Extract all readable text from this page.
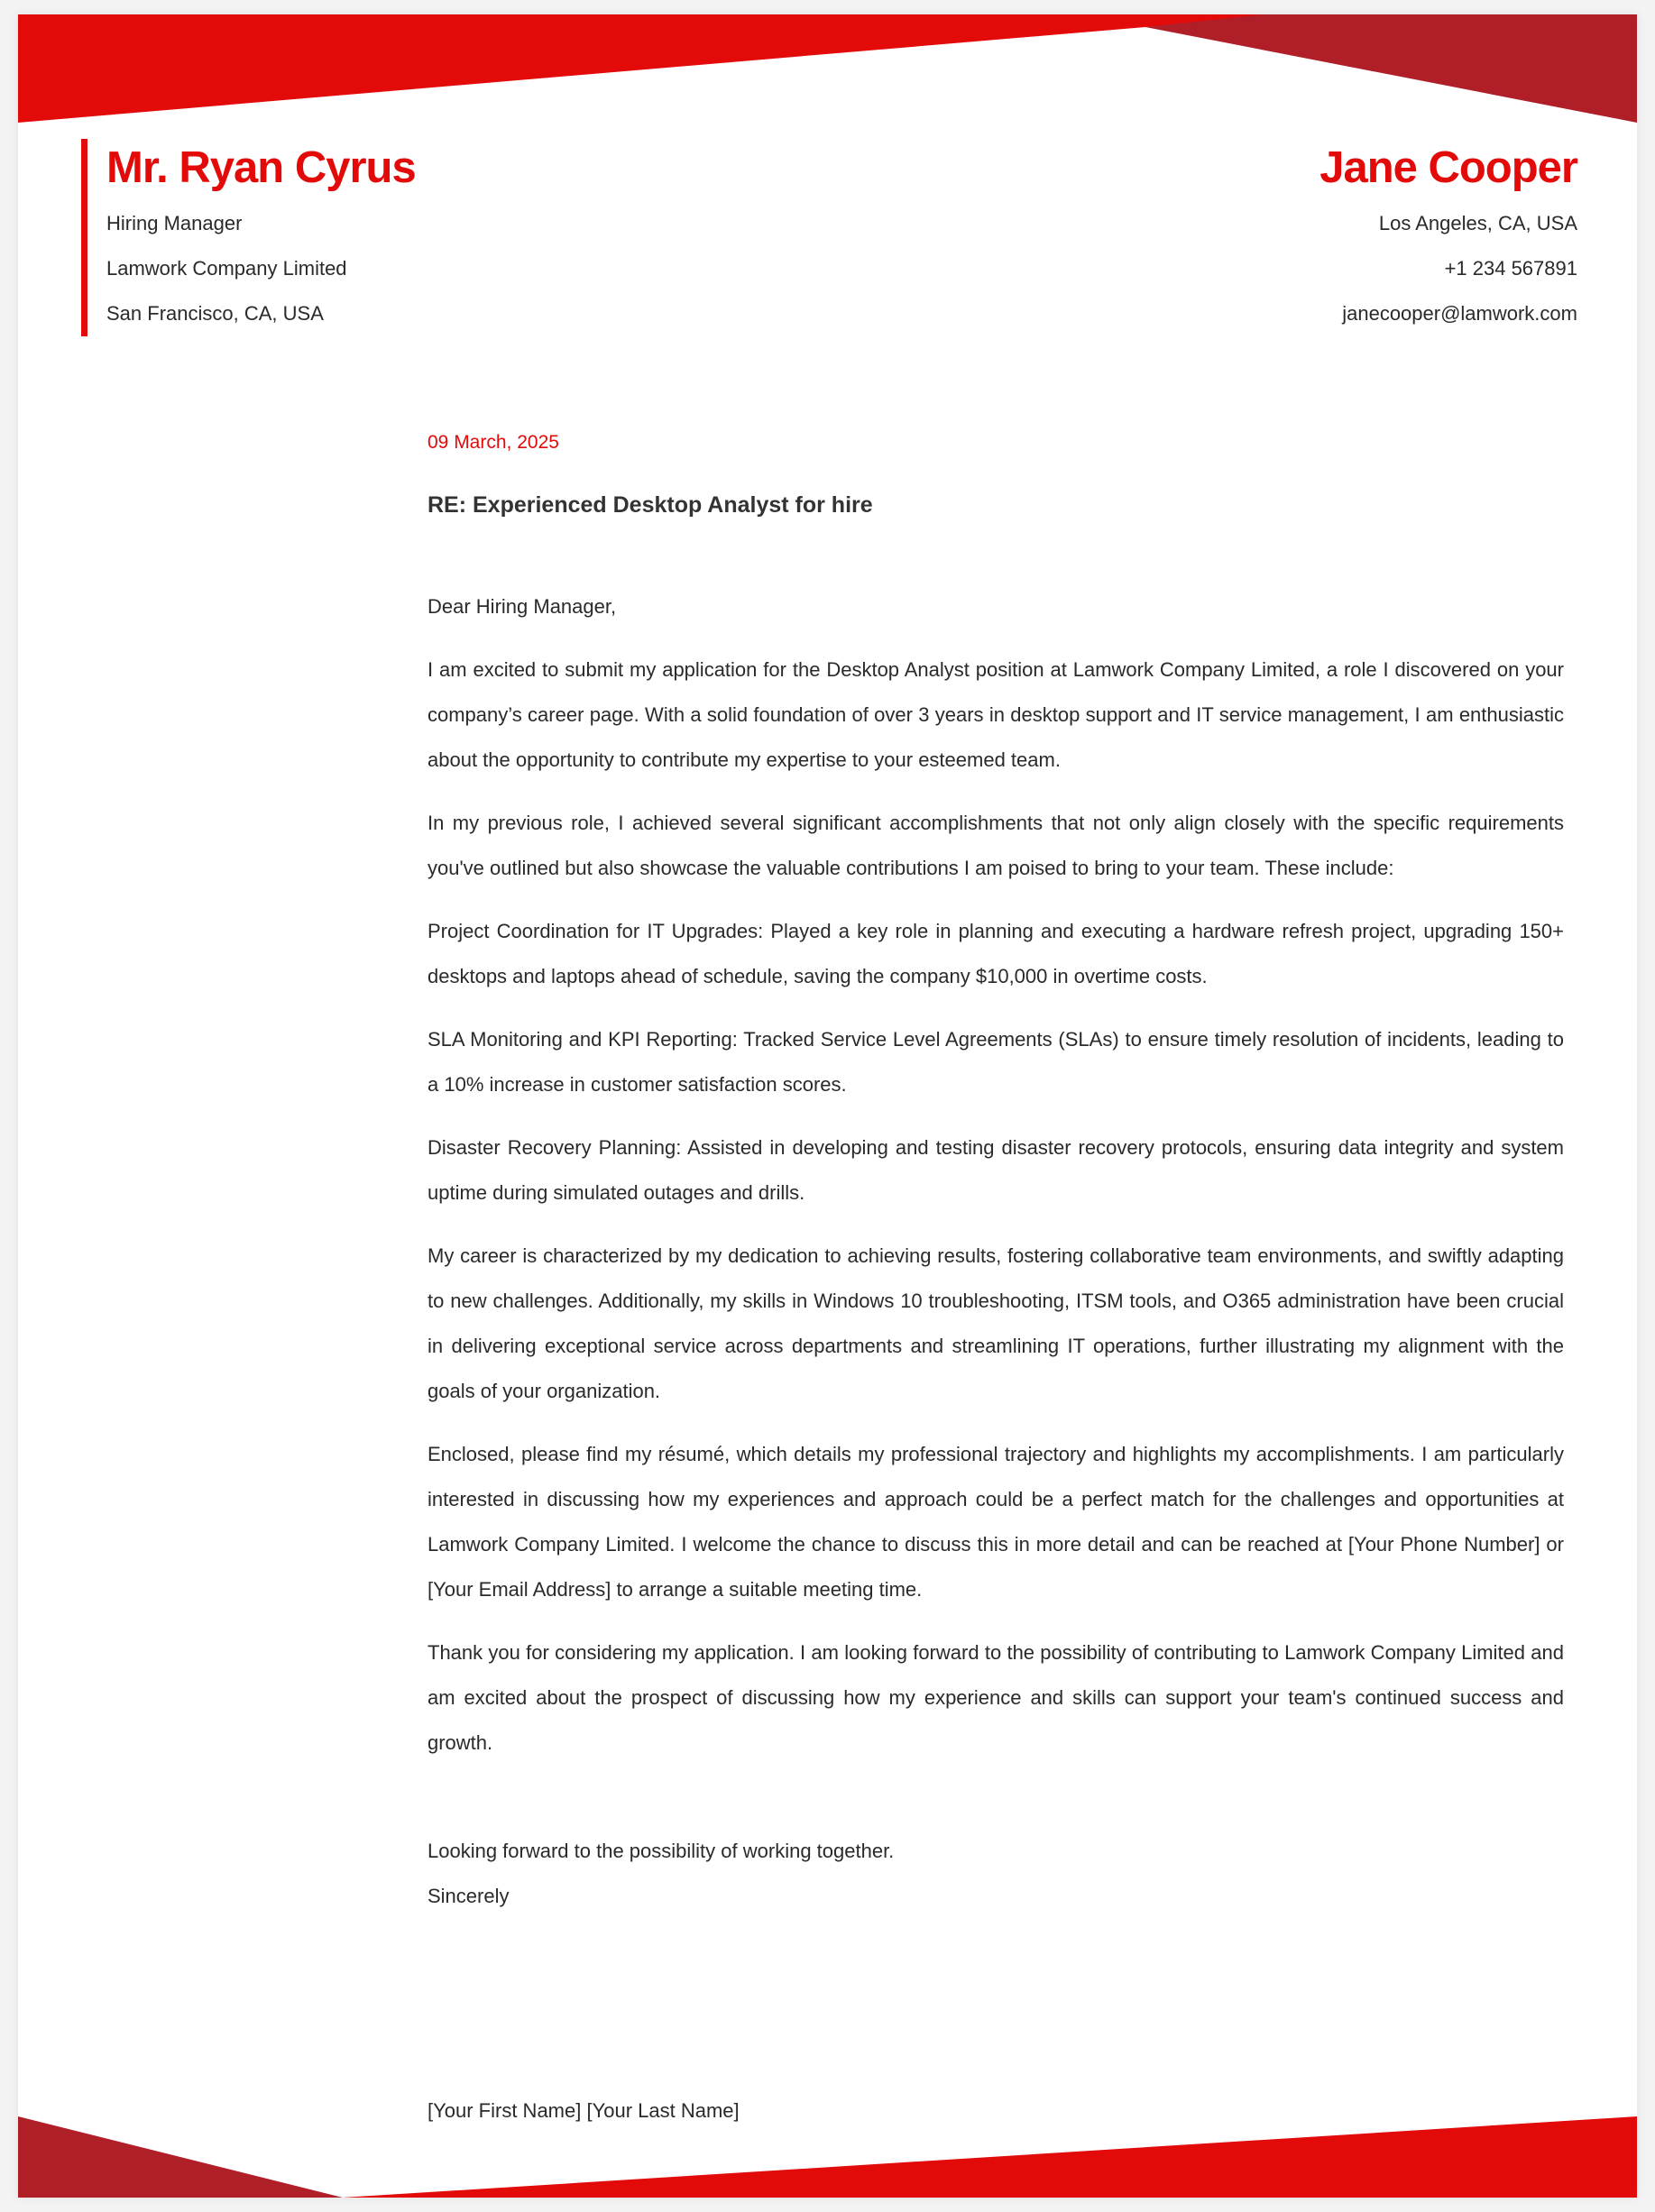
Mr. Ryan Cyrus
Hiring Manager
Lamwork Company Limited
San Francisco, CA, USA
Jane Cooper
Los Angeles, CA, USA
+1 234 567891
janecooper@lamwork.com
09 March, 2025
RE: Experienced Desktop Analyst for hire
Dear Hiring Manager,

I am excited to submit my application for the Desktop Analyst position at Lamwork Company Limited, a role I discovered on your company’s career page. With a solid foundation of over 3 years in desktop support and IT service management, I am enthusiastic about the opportunity to contribute my expertise to your esteemed team.

In my previous role, I achieved several significant accomplishments that not only align closely with the specific requirements you've outlined but also showcase the valuable contributions I am poised to bring to your team. These include:

Project Coordination for IT Upgrades: Played a key role in planning and executing a hardware refresh project, upgrading 150+ desktops and laptops ahead of schedule, saving the company $10,000 in overtime costs.

SLA Monitoring and KPI Reporting: Tracked Service Level Agreements (SLAs) to ensure timely resolution of incidents, leading to a 10% increase in customer satisfaction scores.

Disaster Recovery Planning: Assisted in developing and testing disaster recovery protocols, ensuring data integrity and system uptime during simulated outages and drills.

My career is characterized by my dedication to achieving results, fostering collaborative team environments, and swiftly adapting to new challenges. Additionally, my skills in Windows 10 troubleshooting, ITSM tools, and O365 administration have been crucial in delivering exceptional service across departments and streamlining IT operations, further illustrating my alignment with the goals of your organization.

Enclosed, please find my résumé, which details my professional trajectory and highlights my accomplishments. I am particularly interested in discussing how my experiences and approach could be a perfect match for the challenges and opportunities at Lamwork Company Limited. I welcome the chance to discuss this in more detail and can be reached at [Your Phone Number] or [Your Email Address] to arrange a suitable meeting time.

Thank you for considering my application. I am looking forward to the possibility of contributing to Lamwork Company Limited and am excited about the prospect of discussing how my experience and skills can support your team's continued success and growth.

Looking forward to the possibility of working together.
Sincerely
[Your First Name] [Your Last Name]
